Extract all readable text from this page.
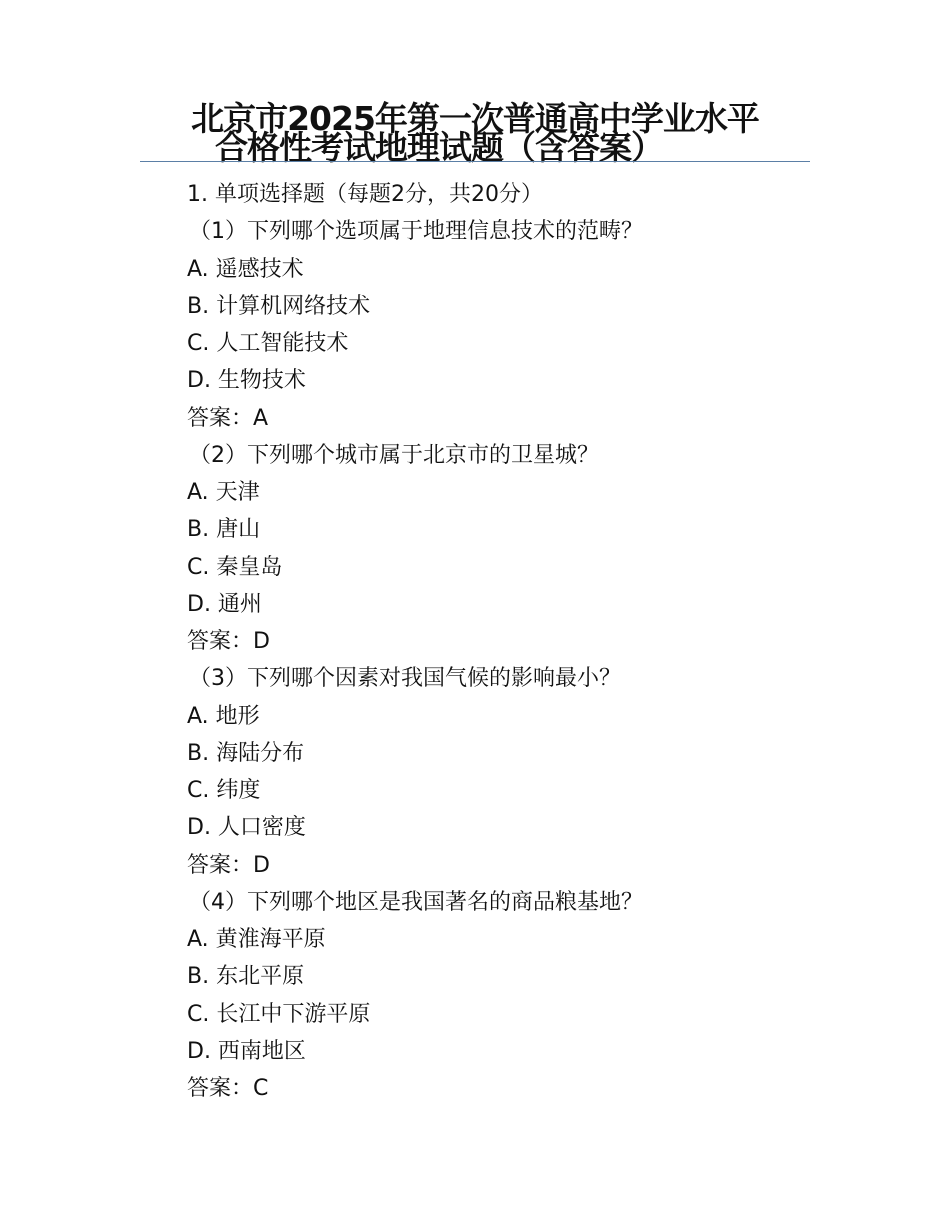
北京市2025年第一次普通高中学业水平
合格性考试地理试题（含答案）
1. 单项选择题（每题2分，共20分）
（1）下列哪个选项属于地理信息技术的范畴？
A. 遥感技术
B. 计算机网络技术
C. 人工智能技术
D. 生物技术
答案：A
（2）下列哪个城市属于北京市的卫星城？
A. 天津
B. 唐山
C. 秦皇岛
D. 通州
答案：D
（3）下列哪个因素对我国气候的影响最小？
A. 地形
B. 海陆分布
C. 纬度
D. 人口密度
答案：D
（4）下列哪个地区是我国著名的商品粮基地？
A. 黄淮海平原
B. 东北平原
C. 长江中下游平原
D. 西南地区
答案：C
